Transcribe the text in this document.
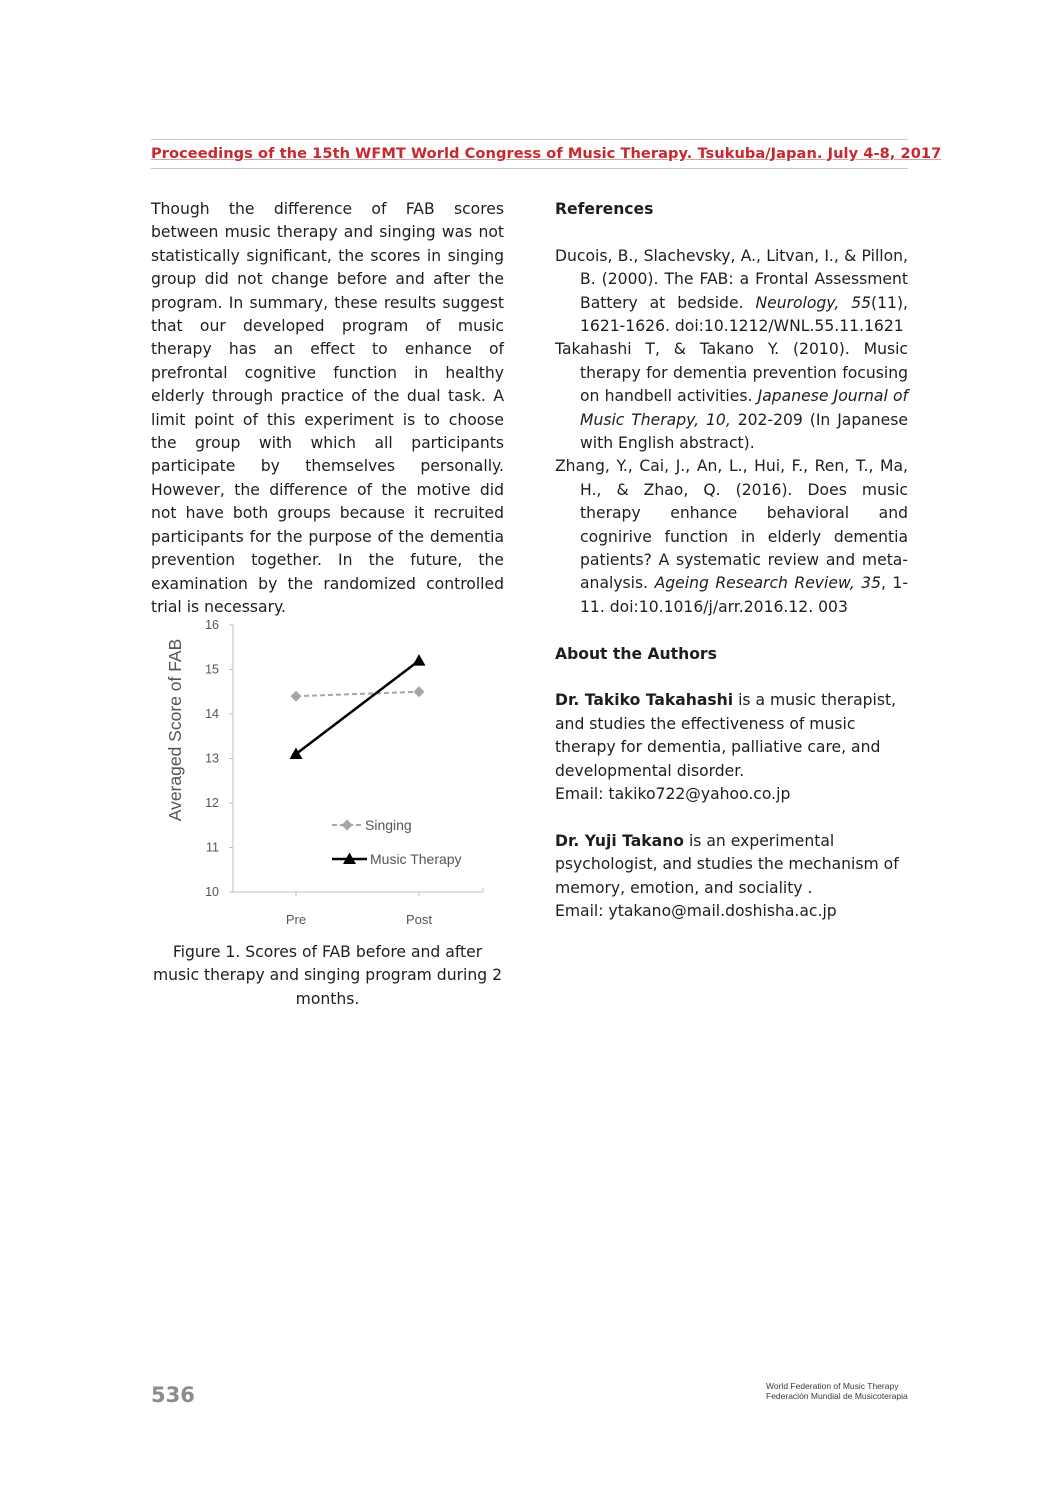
Proceedings of the 15th WFMT World Congress of Music Therapy. Tsukuba/Japan. July 4-8, 2017

Though the difference of FAB scores between music therapy and singing was not statistically significant, the scores in singing group did not change before and after the program. In summary, these results suggest that our developed program of music therapy has an effect to enhance of prefrontal cognitive function in healthy elderly through practice of the dual task. A limit point of this experiment is to choose the group with which all participants participate by themselves personally. However, the difference of the motive did not have both groups because it recruited participants for the purpose of the dementia prevention together. In the future, the examination by the randomized controlled trial is necessary.

10
11
12
13
14
15
16
Pre	Post
Averaged Score of FAB
Singing
Music Therapy
Figure 1. Scores of FAB before and after music therapy and singing program during 2 months.

References

Ducois, B., Slachevsky, A., Litvan, I., & Pillon, B. (2000). The FAB: a Frontal Assessment Battery at bedside. Neurology, 55(11), 1621-1626. doi:10.1212/WNL.55.11.1621

Takahashi T, & Takano Y. (2010). Music therapy for dementia prevention focusing on handbell activities. Japanese Journal of Music Therapy, 10, 202-209 (In Japanese with English abstract).

Zhang, Y., Cai, J., An, L., Hui, F., Ren, T., Ma, H., & Zhao, Q. (2016). Does music therapy enhance behavioral and cognirive function in elderly dementia patients? A systematic review and meta-analysis. Ageing Research Review, 35, 1-11. doi:10.1016/j/arr.2016.12. 003

About the Authors

Dr. Takiko Takahashi is a music therapist, and studies the effectiveness of music therapy for dementia, palliative care, and developmental disorder.

Email: takiko722@yahoo.co.jp

Dr. Yuji Takano is an experimental psychologist, and studies the mechanism of memory, emotion, and sociality .

Email: ytakano@mail.doshisha.ac.jp

536	World Federation of Music Therapy
Federación Mundial de Musicoterapia
